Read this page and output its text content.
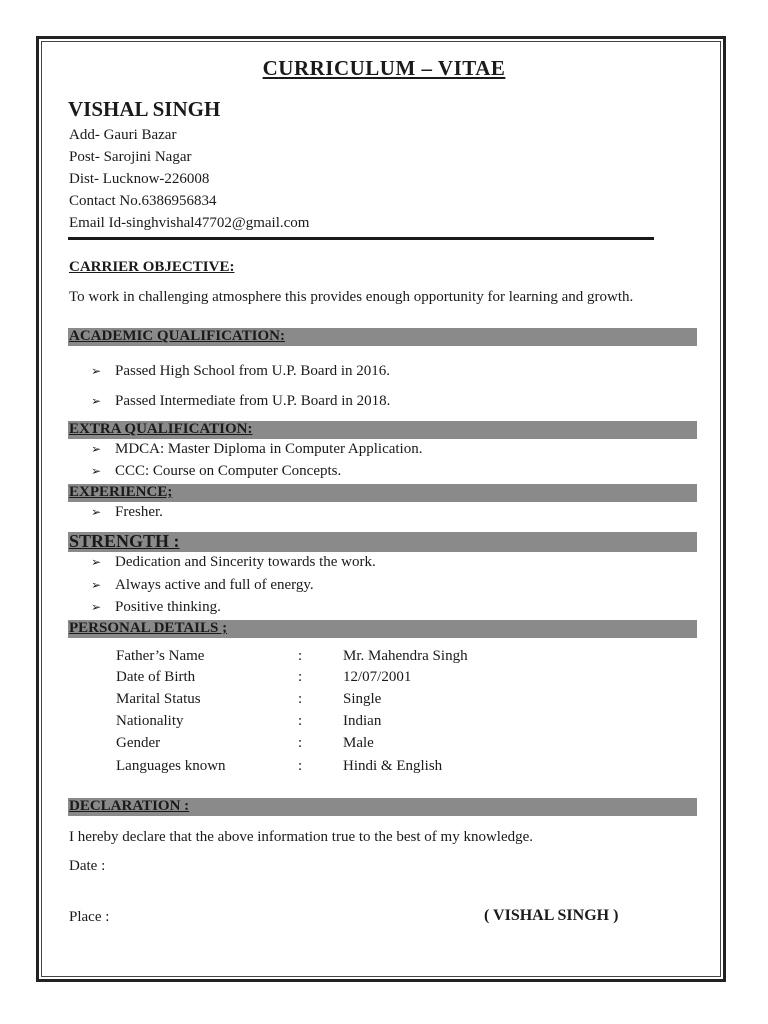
CURRICULUM – VITAE
VISHAL SINGH
Add- Gauri Bazar
Post- Sarojini Nagar
Dist- Lucknow-226008
Contact No.6386956834
Email Id-singhvishal47702@gmail.com
CARRIER OBJECTIVE:
To work in challenging atmosphere this provides enough opportunity for learning and growth.
ACADEMIC QUALIFICATION:
➢ Passed High School from U.P. Board in 2016.
➢ Passed Intermediate from U.P. Board in 2018.
EXTRA QUALIFICATION:
➢ MDCA: Master Diploma in Computer Application.
➢ CCC: Course on Computer Concepts.
EXPERIENCE;
➢ Fresher.
STRENGTH :
➢ Dedication and Sincerity towards the work.
➢ Always active and full of energy.
➢ Positive thinking.
PERSONAL DETAILS ;
Father’s Name	:	Mr. Mahendra Singh
Date of Birth	:	12/07/2001
Marital Status	:	Single
Nationality	:	Indian
Gender	:	Male
Languages known	:	Hindi & English
DECLARATION :
I hereby declare that the above information true to the best of my knowledge.
Date :
Place :	( VISHAL SINGH )
